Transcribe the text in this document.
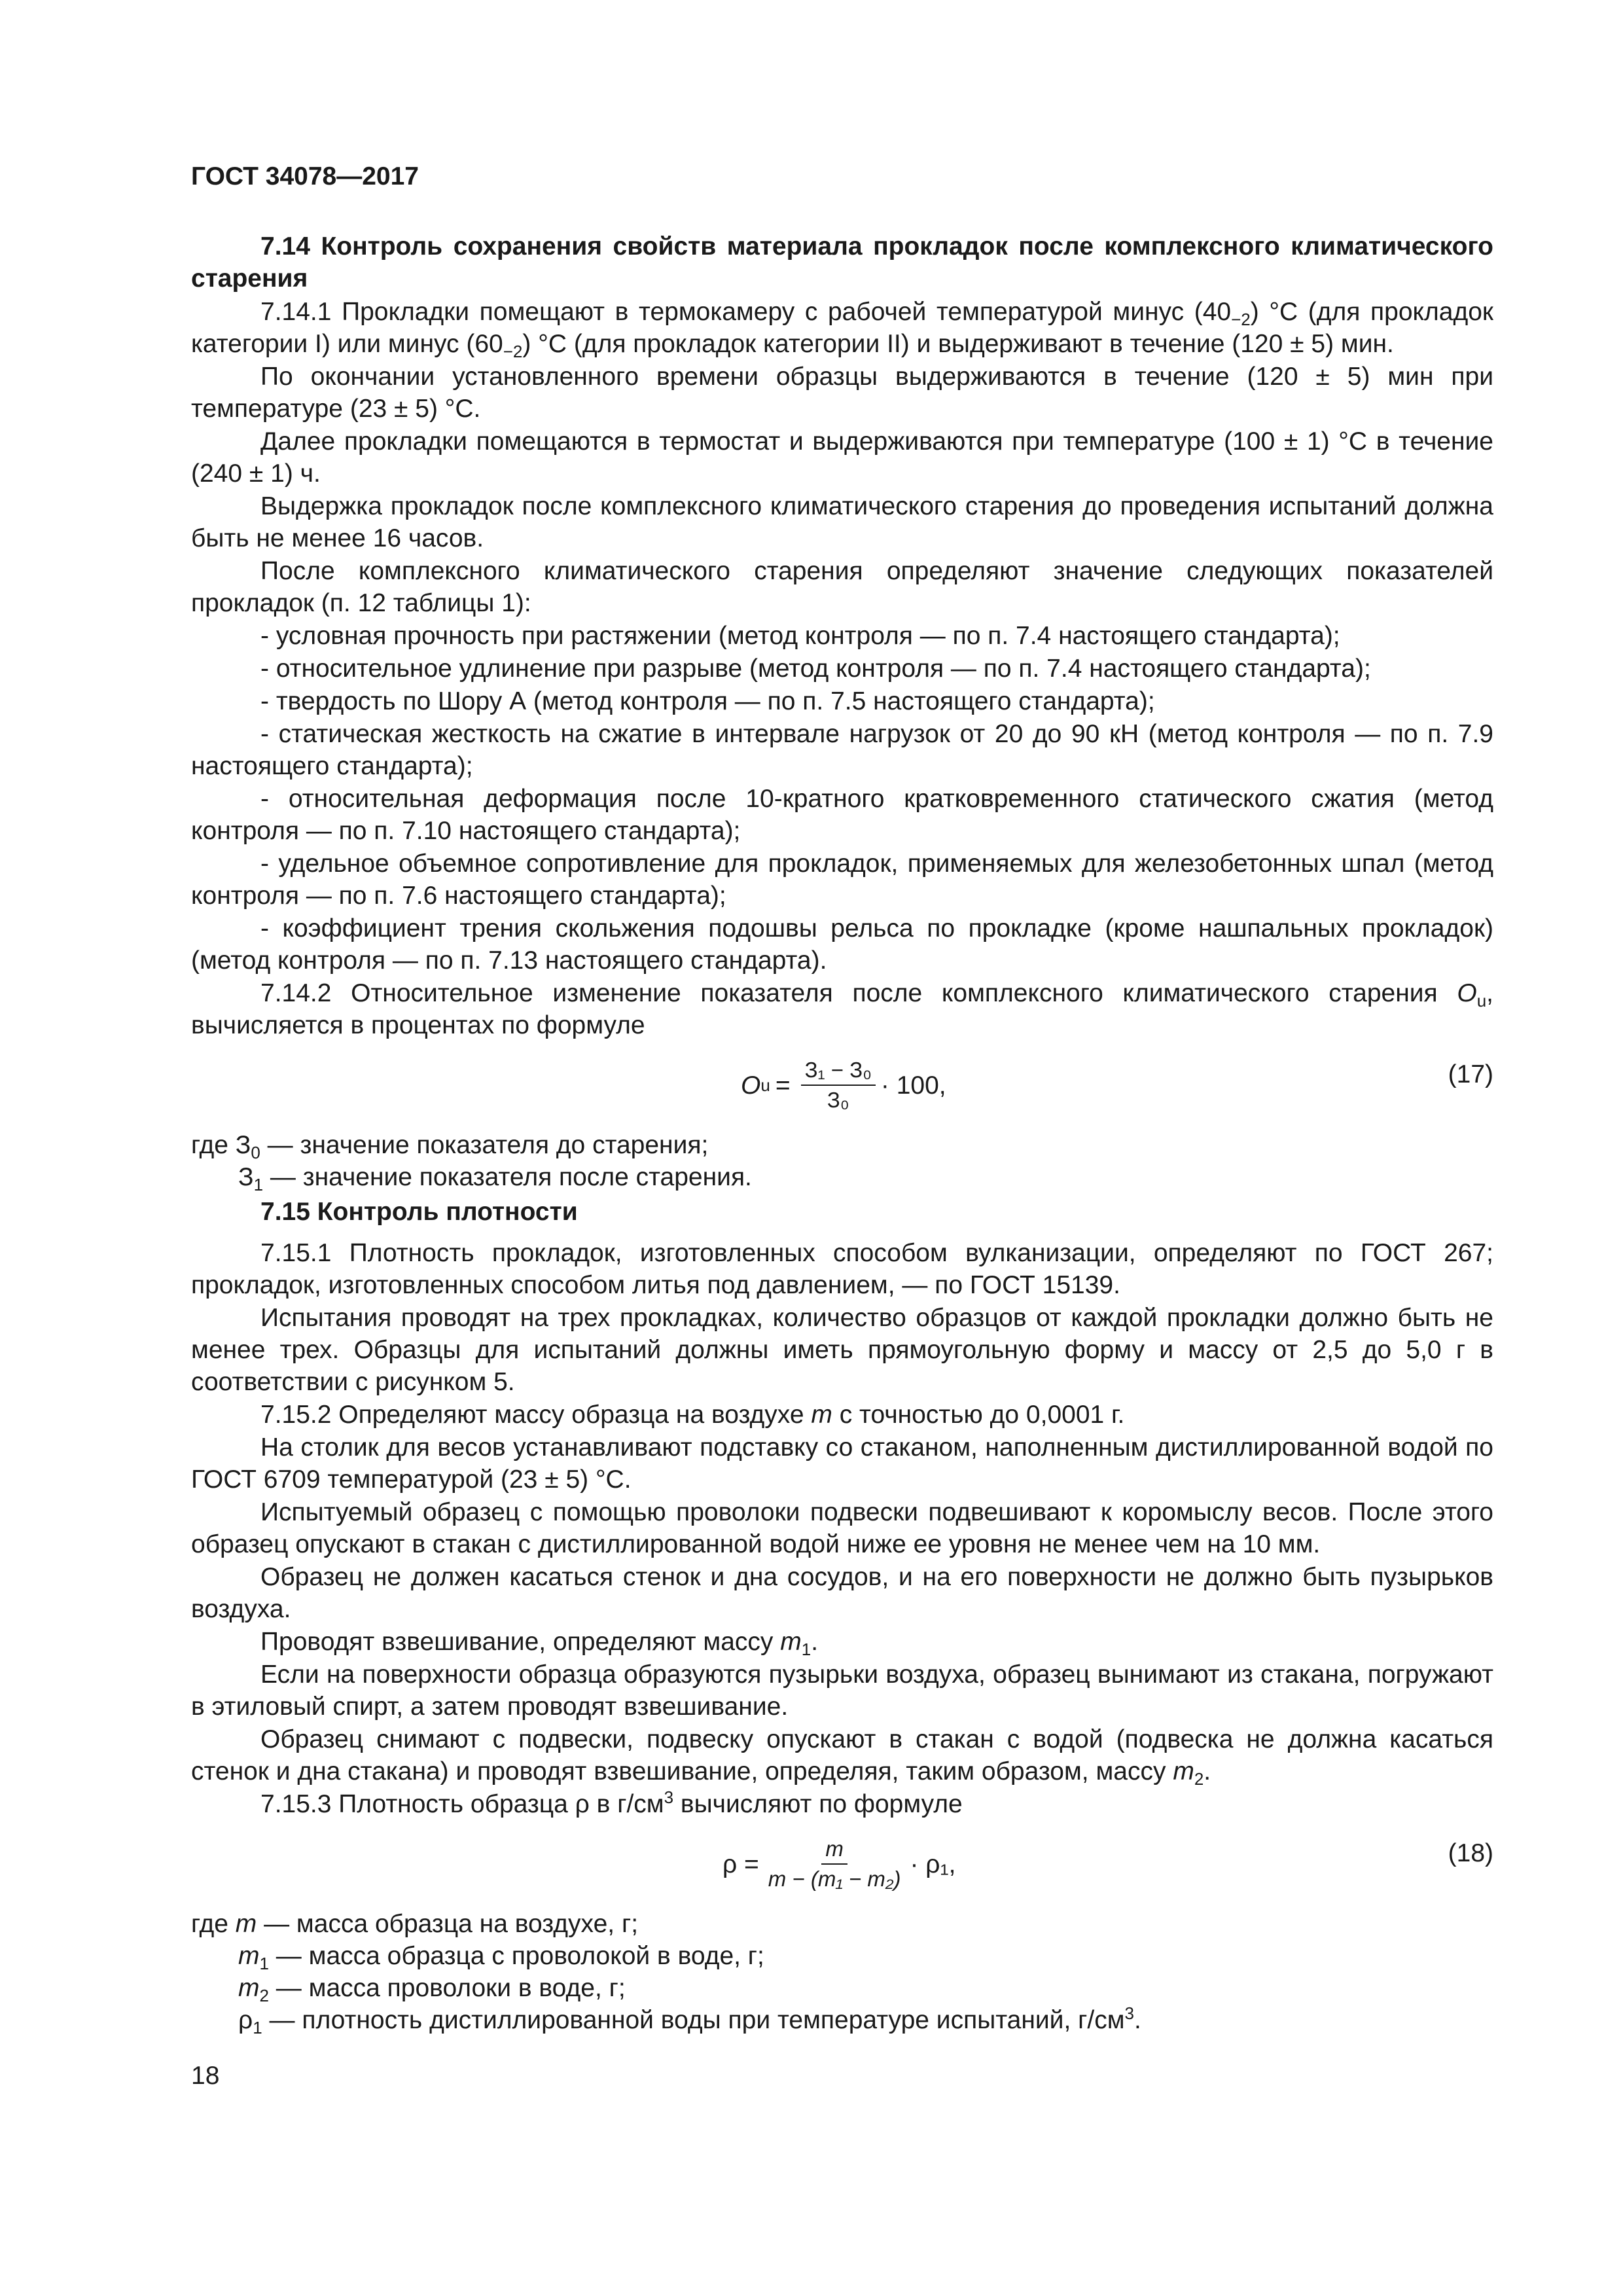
ГОСТ 34078—2017

7.14 Контроль сохранения свойств материала прокладок после комплексного климатического старения

7.14.1 Прокладки помещают в термокамеру с рабочей температурой минус $(40_{-2})$ °С (для прокладок категории I) или минус $(60_{-2})$ °С (для прокладок категории II) и выдерживают в течение (120 ± 5) мин.

По окончании установленного времени образцы выдерживаются в течение (120 ± 5) мин при температуре (23 ± 5) °С.

Далее прокладки помещаются в термостат и выдерживаются при температуре (100 ± 1) °С в течение (240 ± 1) ч.

Выдержка прокладок после комплексного климатического старения до проведения испытаний должна быть не менее 16 часов.

После комплексного климатического старения определяют значение следующих показателей прокладок (п. 12 таблицы 1):

- условная прочность при растяжении (метод контроля — по п. 7.4 настоящего стандарта);

- относительное удлинение при разрыве (метод контроля — по п. 7.4 настоящего стандарта);

- твердость по Шору А (метод контроля — по п. 7.5 настоящего стандарта);

- статическая жесткость на сжатие в интервале нагрузок от 20 до 90 кН (метод контроля — по п. 7.9 настоящего стандарта);

- относительная деформация после 10-кратного кратковременного статического сжатия (метод контроля — по п. 7.10 настоящего стандарта);

- удельное объемное сопротивление для прокладок, применяемых для железобетонных шпал (метод контроля — по п. 7.6 настоящего стандарта);

- коэффициент трения скольжения подошвы рельса по прокладке (кроме нашпальных прокладок) (метод контроля — по п. 7.13 настоящего стандарта).

7.14.2 Относительное изменение показателя после комплексного климатического старения $О_u$, вычисляется в процентах по формуле

О $u = \frac{\text{З₁ − З₀}}{\text{З₀}} \cdot 100$,	(17)

где $З_0$ — значение показателя до старения;

$З_1$ — значение показателя после старения.

7.15 Контроль плотности

7.15.1 Плотность прокладок, изготовленных способом вулканизации, определяют по ГОСТ 267; прокладок, изготовленных способом литья под давлением, — по ГОСТ 15139.

Испытания проводят на трех прокладках, количество образцов от каждой прокладки должно быть не менее трех. Образцы для испытаний должны иметь прямоугольную форму и массу от 2,5 до 5,0 г в соответствии с рисунком 5.

7.15.2 Определяют массу образца на воздухе m с точностью до 0,0001 г.

На столик для весов устанавливают подставку со стаканом, наполненным дистиллированной водой по ГОСТ 6709 температурой (23 ± 5) °С.

Испытуемый образец с помощью проволоки подвески подвешивают к коромыслу весов. После этого образец опускают в стакан с дистиллированной водой ниже ее уровня не менее чем на 10 мм.

Образец не должен касаться стенок и дна сосудов, и на его поверхности не должно быть пузырьков воздуха.

Проводят взвешивание, определяют массу $m_1$.

Если на поверхности образца образуются пузырьки воздуха, образец вынимают из стакана, погружают в этиловый спирт, а затем проводят взвешивание.

Образец снимают с подвески, подвеску опускают в стакан с водой (подвеска не должна касаться стенок и дна стакана) и проводят взвешивание, определяя, таким образом, массу $m_2$.

7.15.3 Плотность образца ρ в $г/см^3$ вычисляют по формуле

$\rho = \frac{m}{\text{m − (m₁ − m₂)}} \cdot \rho_1$,	(18)

где m — масса образца на воздухе, г;

$m_1$ — масса образца с проволокой в воде, г;

$m_2$ — масса проволоки в воде, г;

$\rho_1$ — плотность дистиллированной воды при температуре испытаний, $г/см^3$.

18
